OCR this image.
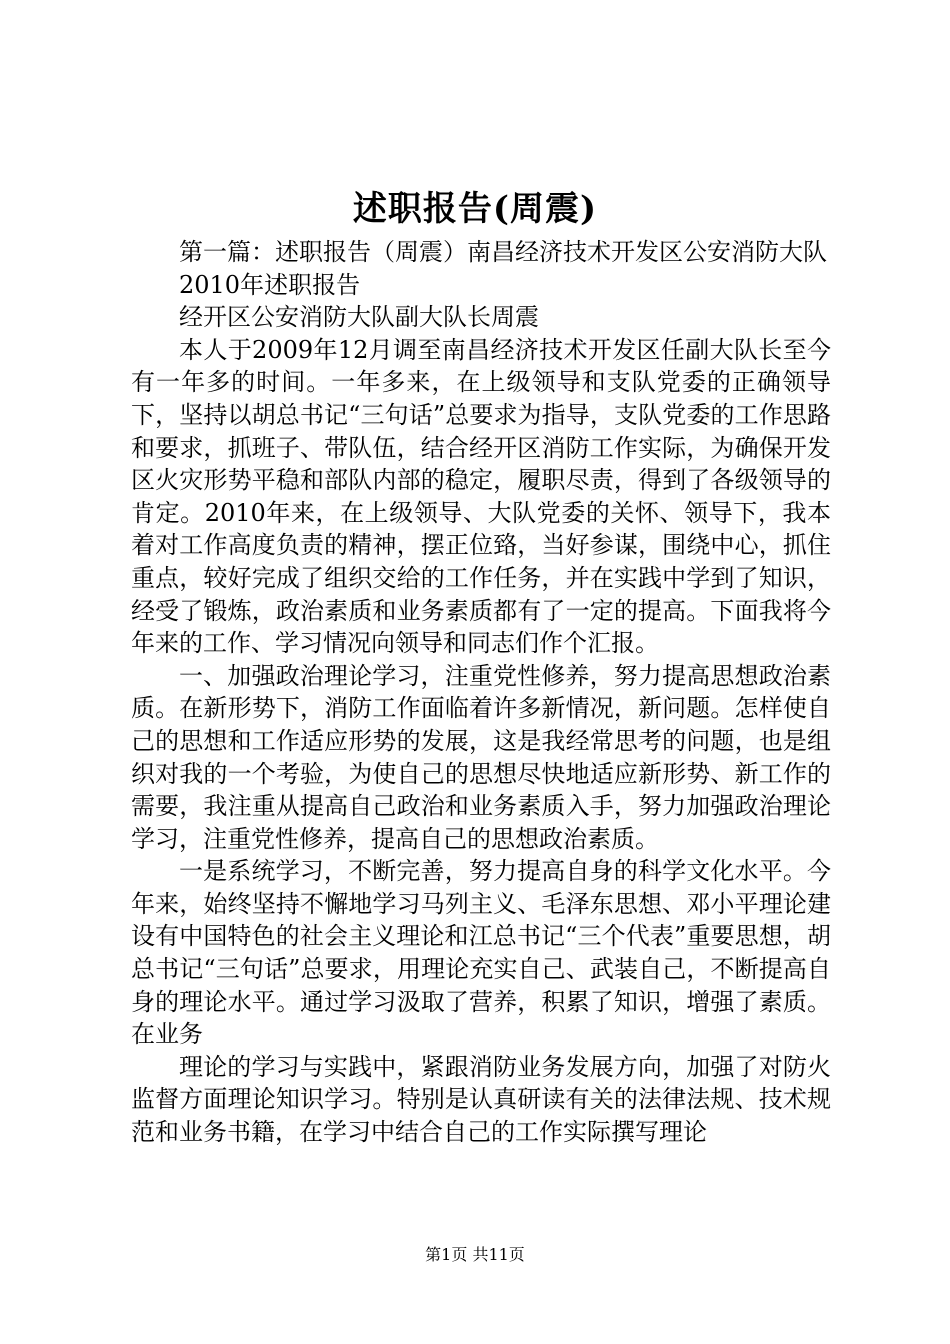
述职报告(周震)

第一篇：述职报告（周震）南昌经济技术开发区公安消防大队

2010年述职报告

经开区公安消防大队副大队长周震

本人于2009年12月调至南昌经济技术开发区任副大队长至今有一年多的时间。一年多来，在上级领导和支队党委的正确领导下，坚持以胡总书记“三句话”总要求为指导，支队党委的工作思路和要求，抓班子、带队伍，结合经开区消防工作实际，为确保开发区火灾形势平稳和部队内部的稳定，履职尽责，得到了各级领导的肯定。2010年来，在上级领导、大队党委的关怀、领导下，我本着对工作高度负责的精神，摆正位臵，当好参谋，围绕中心，抓住重点，较好完成了组织交给的工作任务，并在实践中学到了知识，经受了锻炼，政治素质和业务素质都有了一定的提高。下面我将今年来的工作、学习情况向领导和同志们作个汇报。

一、加强政治理论学习，注重党性修养，努力提高思想政治素质。在新形势下，消防工作面临着许多新情况，新问题。怎样使自己的思想和工作适应形势的发展，这是我经常思考的问题，也是组织对我的一个考验，为使自己的思想尽快地适应新形势、新工作的需要，我注重从提高自己政治和业务素质入手，努力加强政治理论学习，注重党性修养，提高自己的思想政治素质。

一是系统学习，不断完善，努力提高自身的科学文化水平。今年来，始终坚持不懈地学习马列主义、毛泽东思想、邓小平理论建设有中国特色的社会主义理论和江总书记“三个代表”重要思想，胡总书记“三句话”总要求，用理论充实自己、武装自己，不断提高自身的理论水平。通过学习汲取了营养，积累了知识，增强了素质。在业务

理论的学习与实践中，紧跟消防业务发展方向，加强了对防火监督方面理论知识学习。特别是认真研读有关的法律法规、技术规范和业务书籍，在学习中结合自己的工作实际撰写理论

第1页 共11页
